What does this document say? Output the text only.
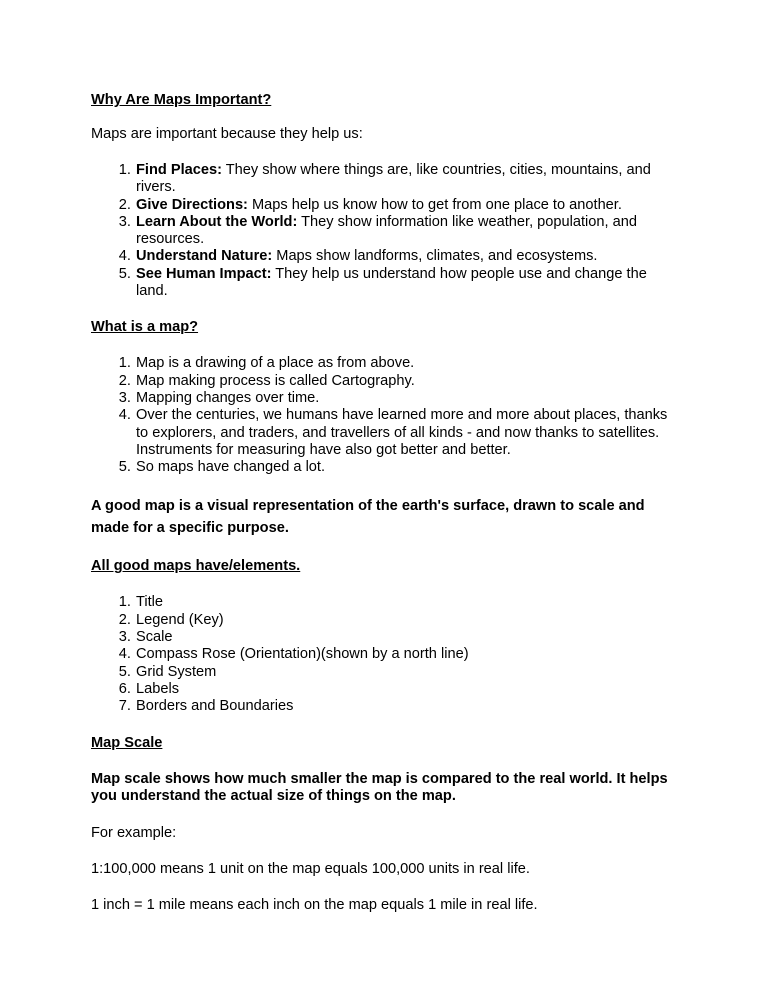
Why Are Maps Important?

Maps are important because they help us:

1. Find Places: They show where things are, like countries, cities, mountains, and rivers.
2. Give Directions: Maps help us know how to get from one place to another.
3. Learn About the World: They show information like weather, population, and resources.
4. Understand Nature: Maps show landforms, climates, and ecosystems.
5. See Human Impact: They help us understand how people use and change the land.
What is a map?
1. Map is a drawing of a place as from above.
2. Map making process is called Cartography.
3. Mapping changes over time.
4. Over the centuries, we humans have learned more and more about places, thanks to explorers, and traders, and travellers of all kinds - and now thanks to satellites. Instruments for measuring have also got better and better.
5. So maps have changed a lot.

A good map is a visual representation of the earth's surface, drawn to scale and made for a specific purpose.

All good maps have/elements.
1. Title
2. Legend (Key)
3. Scale
4. Compass Rose (Orientation)(shown by a north line)
5. Grid System
6. Labels
7. Borders and Boundaries
Map Scale

Map scale shows how much smaller the map is compared to the real world. It helps you understand the actual size of things on the map.

For example:

1:100,000 means 1 unit on the map equals 100,000 units in real life.

1 inch = 1 mile means each inch on the map equals 1 mile in real life.
